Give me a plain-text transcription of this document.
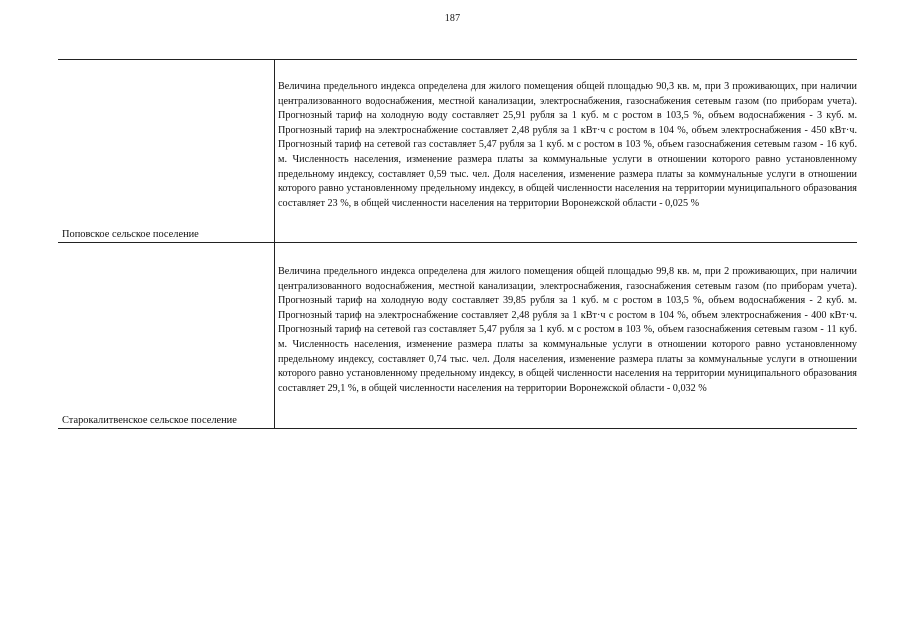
187
Поповское сельское поселение
Величина предельного индекса определена для жилого помещения общей площадью 90,3 кв. м, при 3 проживающих, при наличии централизованного водоснабжения, местной канализации, электроснабжения, газоснабжения сетевым газом (по приборам учета). Прогнозный тариф на холодную воду составляет 25,91 рубля за 1 куб. м с ростом в 103,5 %, объем водоснабжения - 3 куб. м. Прогнозный тариф на электроснабжение составляет 2,48 рубля за 1 кВт·ч с ростом в 104 %, объем электроснабжения - 450 кВт·ч. Прогнозный тариф на сетевой газ составляет 5,47 рубля за 1 куб. м с ростом в 103 %, объем газоснабжения сетевым газом - 16 куб. м. Численность населения, изменение размера платы за коммунальные услуги в отношении которого равно установленному предельному индексу, составляет 0,59 тыс. чел. Доля населения, изменение размера платы за коммунальные услуги в отношении которого равно установленному предельному индексу, в общей численности населения на территории муниципального образования составляет 23 %, в общей численности населения на территории Воронежской области - 0,025 %
Старокалитвенское сельское поселение
Величина предельного индекса определена для жилого помещения общей площадью 99,8 кв. м, при 2 проживающих, при наличии централизованного водоснабжения, местной канализации, электроснабжения, газоснабжения сетевым газом (по приборам учета). Прогнозный тариф на холодную воду составляет 39,85 рубля за 1 куб. м с ростом в 103,5 %, объем водоснабжения - 2 куб. м. Прогнозный тариф на электроснабжение составляет 2,48 рубля за 1 кВт·ч с ростом в 104 %, объем электроснабжения - 400 кВт·ч. Прогнозный тариф на сетевой газ составляет 5,47 рубля за 1 куб. м с ростом в 103 %, объем газоснабжения сетевым газом - 11 куб. м. Численность населения, изменение размера платы за коммунальные услуги в отношении которого равно установленному предельному индексу, составляет 0,74 тыс. чел. Доля населения, изменение размера платы за коммунальные услуги в отношении которого равно установленному предельному индексу, в общей численности населения на территории муниципального образования составляет 29,1 %, в общей численности населения на территории Воронежской области - 0,032 %
